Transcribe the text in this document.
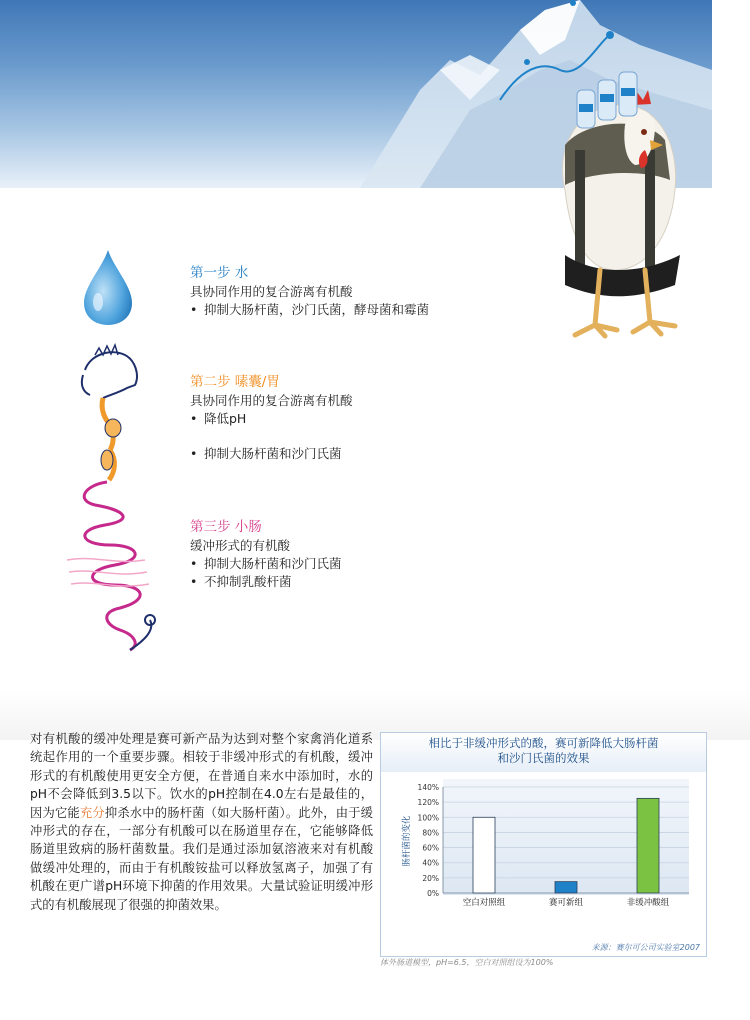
第一步 水
具协同作用的复合游离有机酸
• 抑制大肠杆菌，沙门氏菌，酵母菌和霉菌
第二步 嗉囊/胃
具协同作用的复合游离有机酸
• 降低pH
• 抑制大肠杆菌和沙门氏菌
第三步 小肠
缓冲形式的有机酸
• 抑制大肠杆菌和沙门氏菌
• 不抑制乳酸杆菌
对有机酸的缓冲处理是赛可新产品为达到对整个家禽消化道系统起作用的一个重要步骤。相较于非缓冲形式的有机酸，缓冲形式的有机酸使用更安全方便，在普通自来水中添加时，水的pH不会降低到3.5以下。饮水的pH控制在4.0左右是最佳的，因为它能充分抑杀水中的肠杆菌（如大肠杆菌）。此外，由于缓冲形式的存在，一部分有机酸可以在肠道里存在，它能够降低肠道里致病的肠杆菌数量。我们是通过添加氨溶液来对有机酸做缓冲处理的，而由于有机酸铵盐可以释放氢离子，加强了有机酸在更广谱pH环境下抑菌的作用效果。大量试验证明缓冲形式的有机酸展现了很强的抑菌效果。
相比于非缓冲形式的酸，赛可新降低大肠杆菌
和沙门氏菌的效果
肠杆菌的变化
0%
20%
40%
60%
80%
100%
120%
140%
空白对照组	赛可新组	非缓冲酸组
来源：赛尔可公司实验室2007
体外肠道模型，pH=6.5，空白对照组设为100%
